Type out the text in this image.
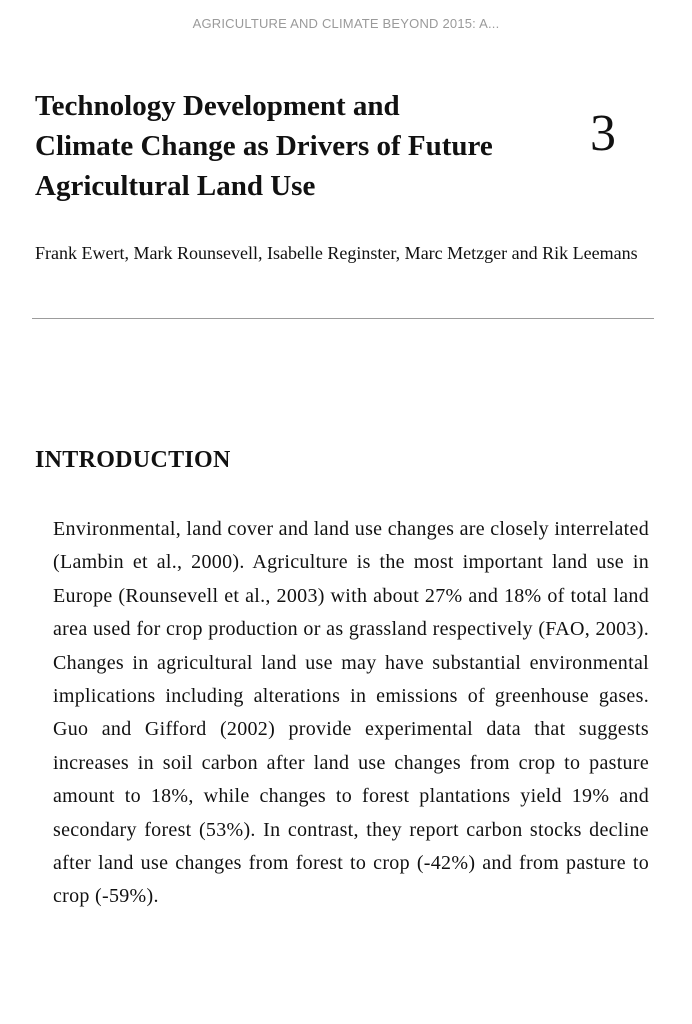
AGRICULTURE AND CLIMATE BEYOND 2015: A...
Technology Development and Climate Change as Drivers of Future Agricultural Land Use
3

Frank Ewert, Mark Rounsevell, Isabelle Reginster, Marc Metzger and Rik Leemans

INTRODUCTION

Environmental, land cover and land use changes are closely interrelated (Lambin et al., 2000). Agriculture is the most important land use in Europe (Rounsevell et al., 2003) with about 27% and 18% of total land area used for crop production or as grassland respectively (FAO, 2003). Changes in agricultural land use may have substantial environmental implications including alterations in emissions of greenhouse gases. Guo and Gifford (2002) provide experimental data that suggests increases in soil carbon after land use changes from crop to pasture amount to 18%, while changes to forest plantations yield 19% and secondary forest (53%). In contrast, they report carbon stocks decline after land use changes from forest to crop (-42%) and from pasture to crop (-59%).
